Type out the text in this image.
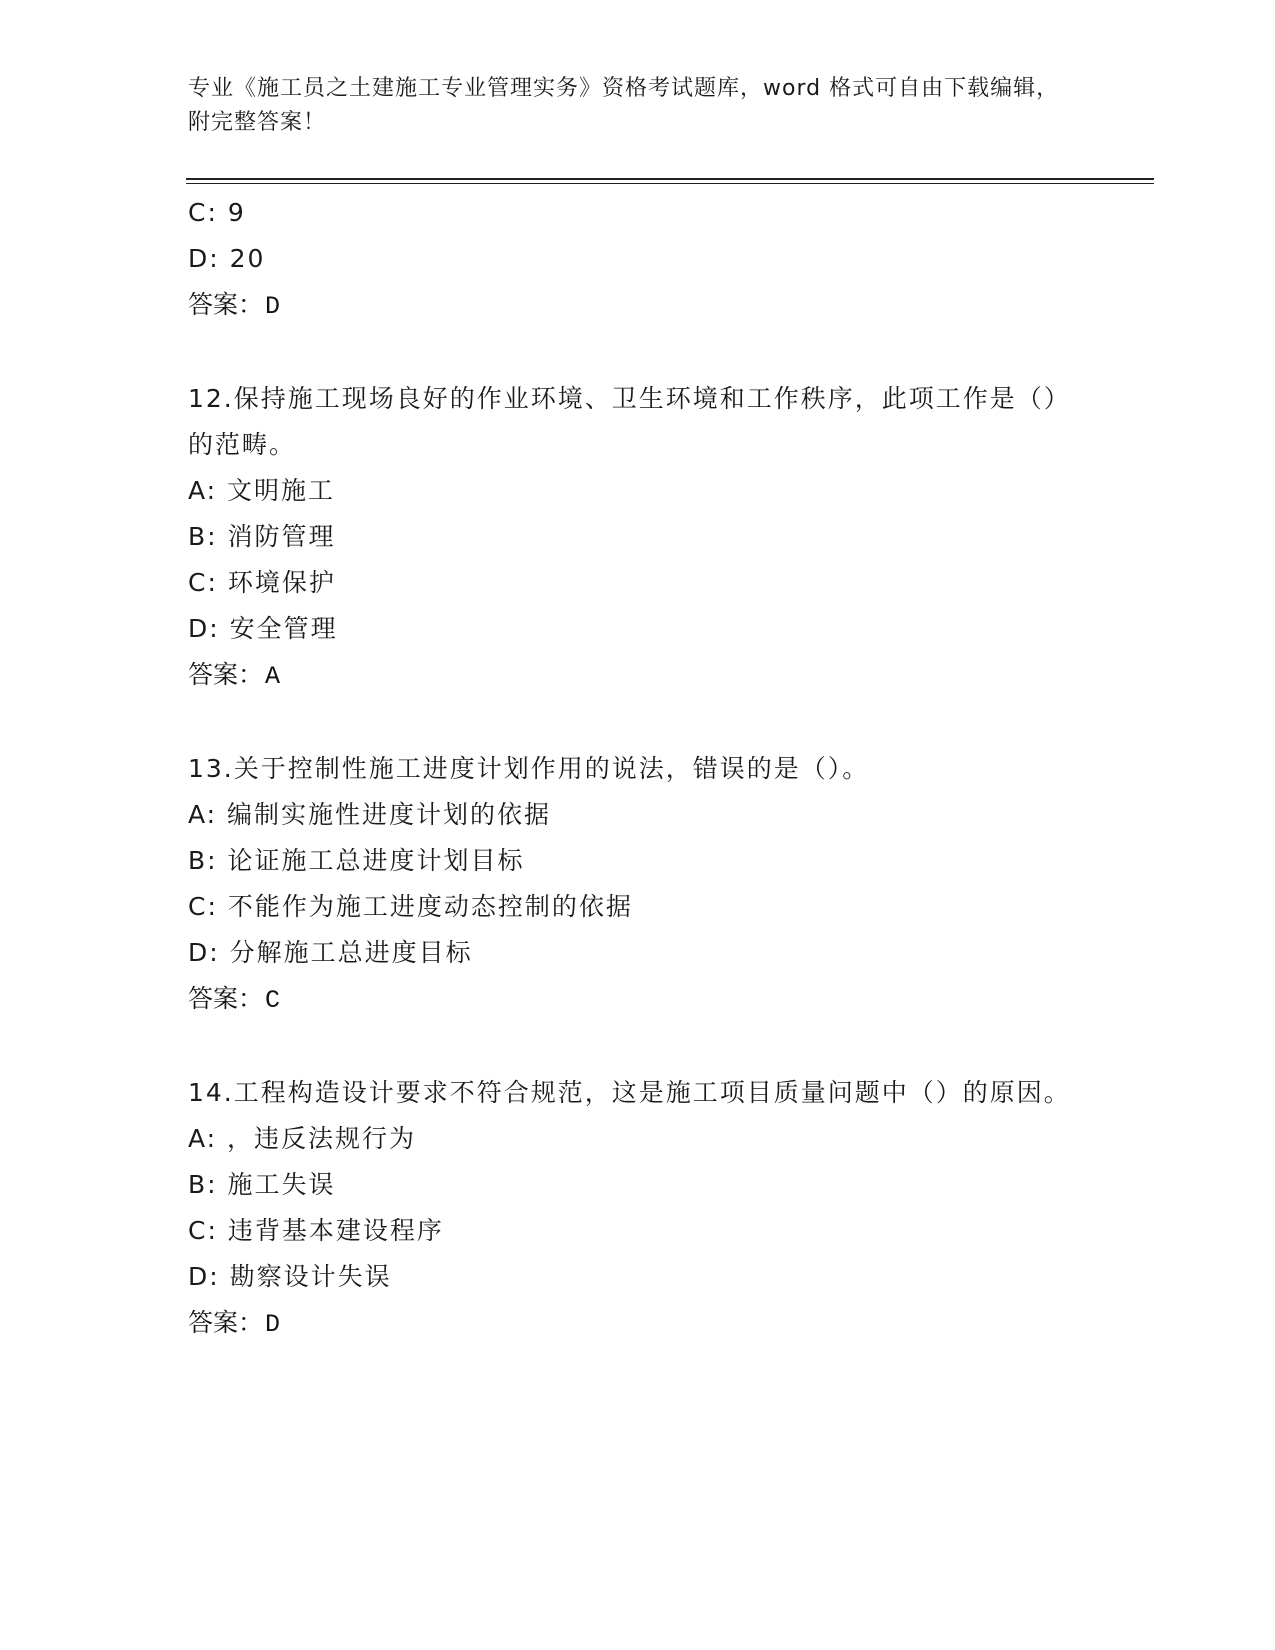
专业《施工员之土建施工专业管理实务》资格考试题库，word 格式可自由下载编辑，附完整答案！
C: 9
D: 20
答案：D
12.保持施工现场良好的作业环境、卫生环境和工作秩序，此项工作是（）的范畴。
A: 文明施工
B: 消防管理
C: 环境保护
D: 安全管理
答案：A
13.关于控制性施工进度计划作用的说法，错误的是（）。
A: 编制实施性进度计划的依据
B: 论证施工总进度计划目标
C: 不能作为施工进度动态控制的依据
D: 分解施工总进度目标
答案：C
14.工程构造设计要求不符合规范，这是施工项目质量问题中（）的原因。
A: ，违反法规行为
B: 施工失误
C: 违背基本建设程序
D: 勘察设计失误
答案：D
